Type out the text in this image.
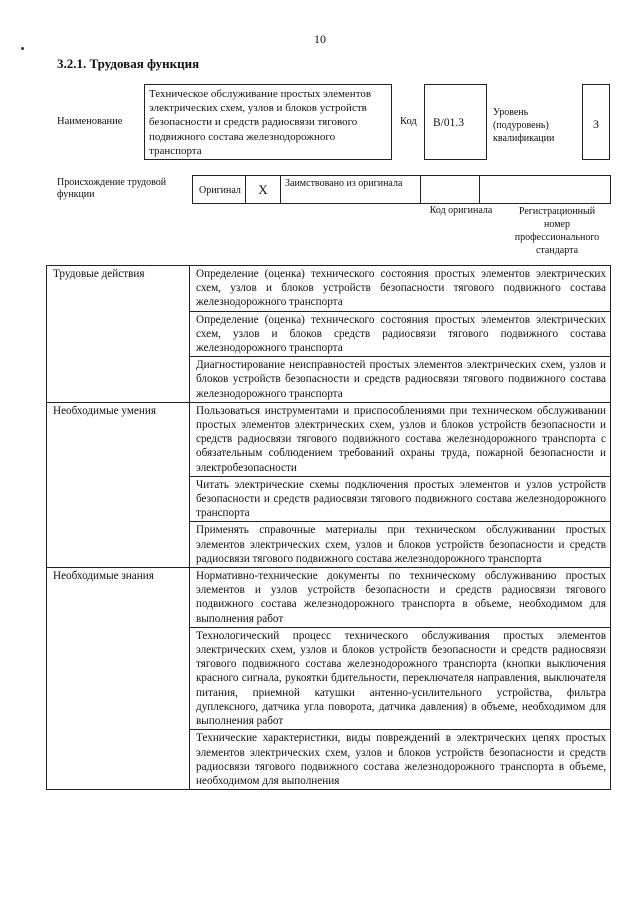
10
3.2.1. Трудовая функция
Наименование
Техническое обслуживание простых элементов электрических схем, узлов и блоков устройств безопасности и средств радиосвязи тягового подвижного состава железнодорожного транспорта
Код	B/01.3
Уровень (подуровень) квалификации
3
Происхождение трудовой функции	Оригинал	X	Заимствовано из оригинала
Код оригинала	Регистрационный номер профессионального стандарта
Трудовые действия	Определение (оценка) технического состояния простых элементов электрических схем, узлов и блоков устройств безопасности тягового подвижного состава железнодорожного транспорта
	Определение (оценка) технического состояния простых элементов электрических схем, узлов и блоков средств радиосвязи тягового подвижного состава железнодорожного транспорта
	Диагностирование неисправностей простых элементов электрических схем, узлов и блоков устройств безопасности и средств радиосвязи тягового подвижного состава железнодорожного транспорта
Необходимые умения	Пользоваться инструментами и приспособлениями при техническом обслуживании простых элементов электрических схем, узлов и блоков устройств безопасности и средств радиосвязи тягового подвижного состава железнодорожного транспорта с обязательным соблюдением требований охраны труда, пожарной безопасности и электробезопасности
	Читать электрические схемы подключения простых элементов и узлов устройств безопасности и средств радиосвязи тягового подвижного состава железнодорожного транспорта
	Применять справочные материалы при техническом обслуживании простых элементов электрических схем, узлов и блоков устройств безопасности и средств радиосвязи тягового подвижного состава железнодорожного транспорта
Необходимые знания	Нормативно-технические документы по техническому обслуживанию простых элементов и узлов устройств безопасности и средств радиосвязи тягового подвижного состава железнодорожного транспорта в объеме, необходимом для выполнения работ
	Технологический процесс технического обслуживания простых элементов электрических схем, узлов и блоков устройств безопасности и средств радиосвязи тягового подвижного состава железнодорожного транспорта (кнопки выключения красного сигнала, рукоятки бдительности, переключателя направления, выключателя питания, приемной катушки антенно-усилительного устройства, фильтра дуплексного, датчика угла поворота, датчика давления) в объеме, необходимом для выполнения работ
	Технические характеристики, виды повреждений в электрических цепях простых элементов электрических схем, узлов и блоков устройств безопасности и средств радиосвязи тягового подвижного состава железнодорожного транспорта в объеме, необходимом для выполнения
